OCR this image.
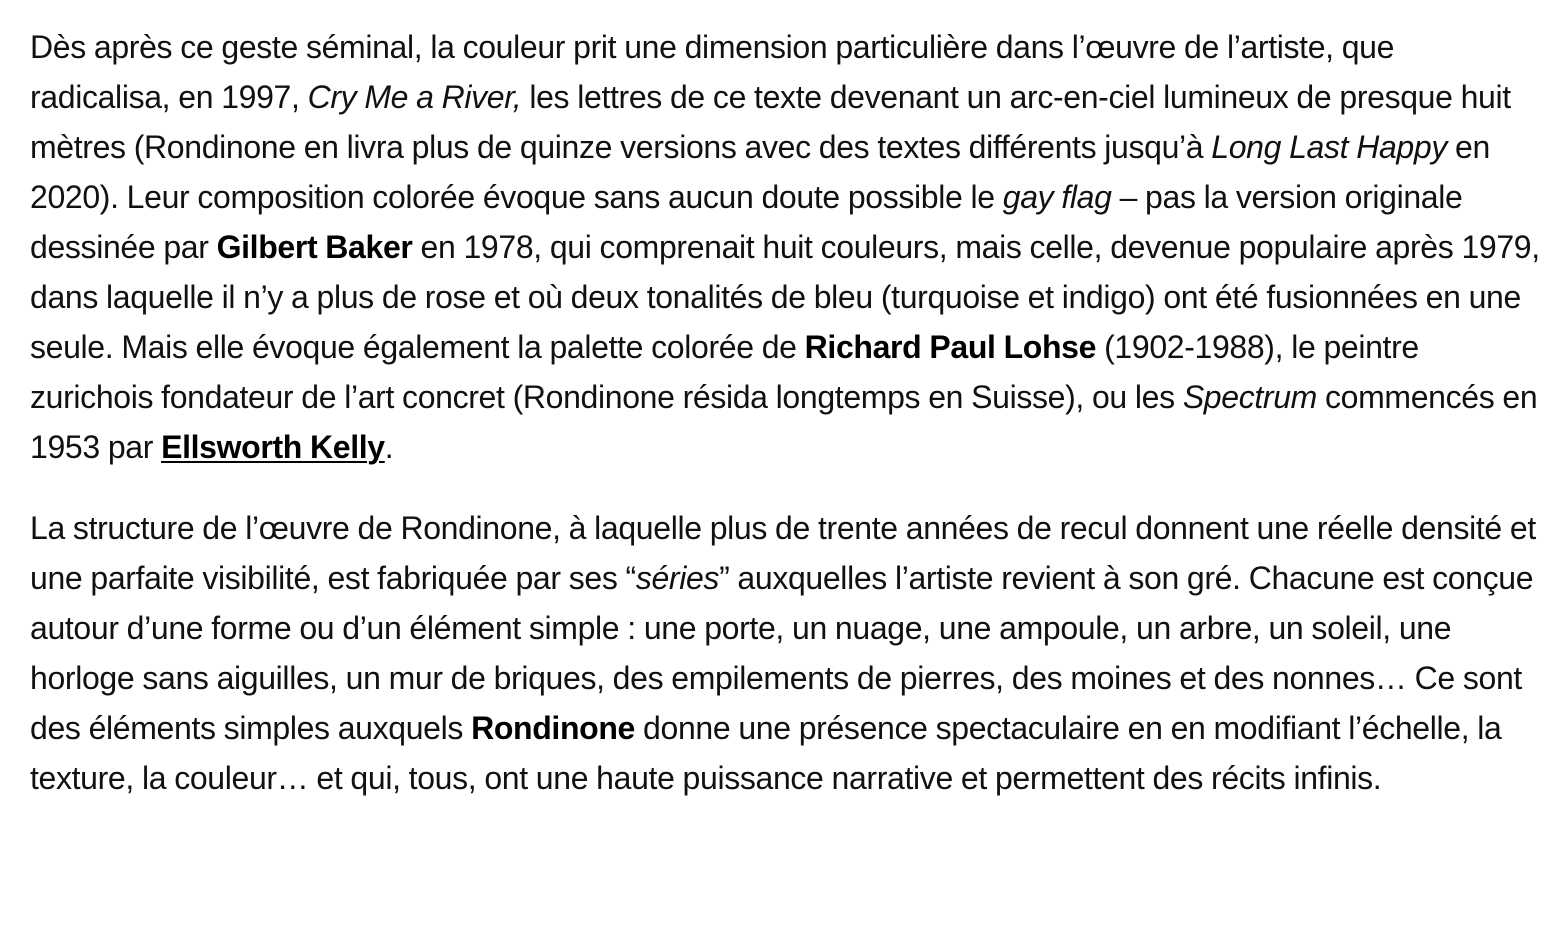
Dès après ce geste séminal, la couleur prit une dimension particulière dans l’œuvre de l’artiste, que radicalisa, en 1997, Cry Me a River, les lettres de ce texte devenant un arc-en-ciel lumineux de presque huit mètres (Rondinone en livra plus de quinze versions avec des textes différents jusqu’à Long Last Happy en 2020). Leur composition colorée évoque sans aucun doute possible le gay flag – pas la version originale dessinée par Gilbert Baker en 1978, qui comprenait huit couleurs, mais celle, devenue populaire après 1979, dans laquelle il n’y a plus de rose et où deux tonalités de bleu (turquoise et indigo) ont été fusionnées en une seule. Mais elle évoque également la palette colorée de Richard Paul Lohse (1902-1988), le peintre zurichois fondateur de l’art concret (Rondinone résida longtemps en Suisse), ou les Spectrum commencés en 1953 par Ellsworth Kelly.

La structure de l’œuvre de Rondinone, à laquelle plus de trente années de recul donnent une réelle densité et une parfaite visibilité, est fabriquée par ses “séries” auxquelles l’artiste revient à son gré. Chacune est conçue autour d’une forme ou d’un élément simple : une porte, un nuage, une ampoule, un arbre, un soleil, une horloge sans aiguilles, un mur de briques, des empilements de pierres, des moines et des nonnes… Ce sont des éléments simples auxquels Rondinone donne une présence spectaculaire en en modifiant l’échelle, la texture, la couleur… et qui, tous, ont une haute puissance narrative et permettent des récits infinis.
